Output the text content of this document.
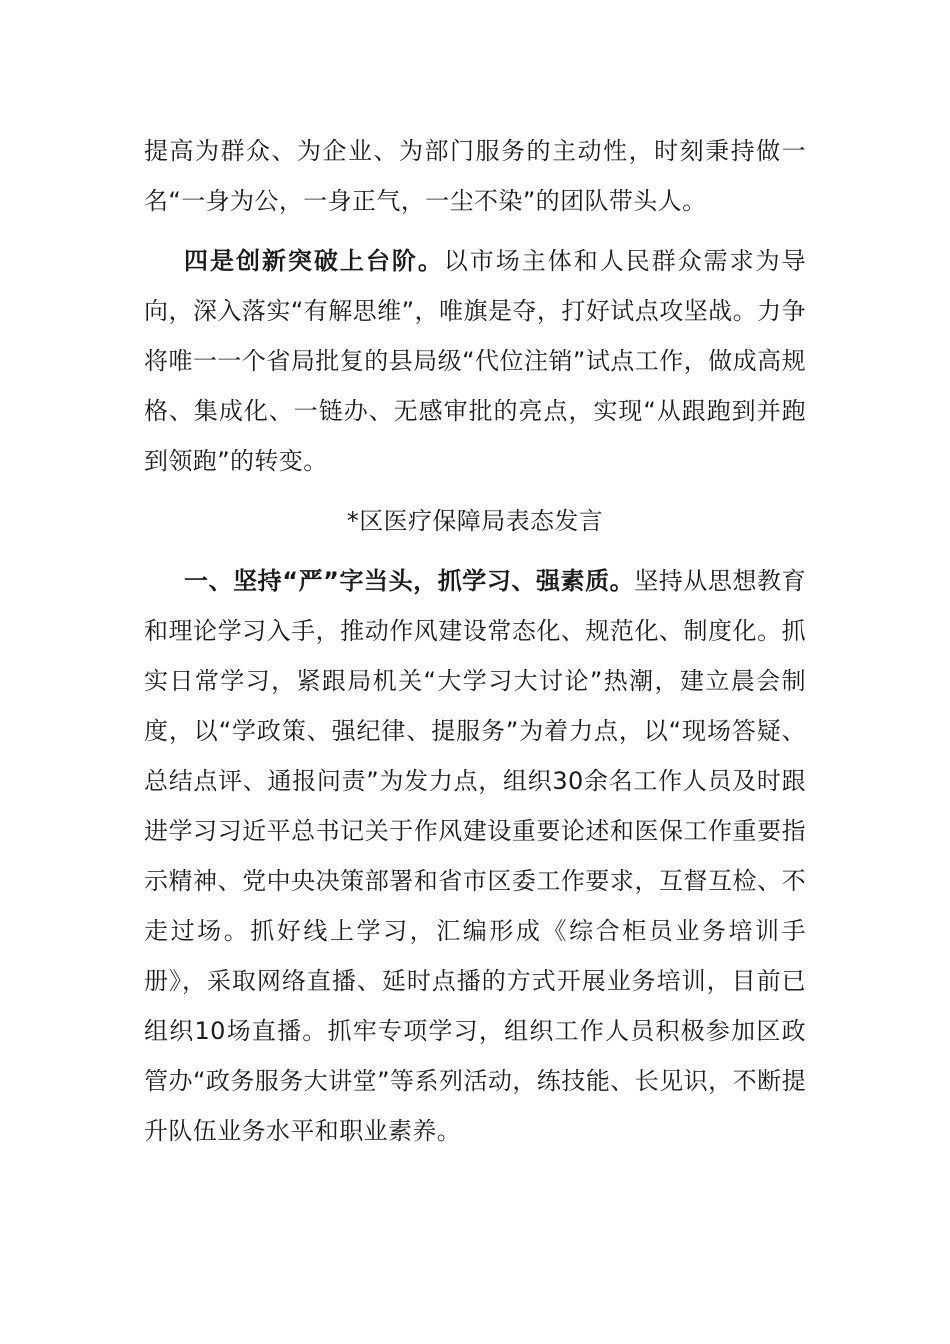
提高为群众、为企业、为部门服务的主动性，时刻秉持做一名“一身为公，一身正气，一尘不染”的团队带头人。

四是创新突破上台阶。以市场主体和人民群众需求为导向，深入落实“有解思维”，唯旗是夺，打好试点攻坚战。力争将唯一一个省局批复的县局级“代位注销”试点工作，做成高规格、集成化、一链办、无感审批的亮点，实现“从跟跑到并跑到领跑”的转变。

*区医疗保障局表态发言

一、坚持“严”字当头，抓学习、强素质。坚持从思想教育和理论学习入手，推动作风建设常态化、规范化、制度化。抓实日常学习，紧跟局机关“大学习大讨论”热潮，建立晨会制度，以“学政策、强纪律、提服务”为着力点，以“现场答疑、总结点评、通报问责”为发力点，组织30余名工作人员及时跟进学习习近平总书记关于作风建设重要论述和医保工作重要指示精神、党中央决策部署和省市区委工作要求，互督互检、不走过场。抓好线上学习，汇编形成《综合柜员业务培训手册》，采取网络直播、延时点播的方式开展业务培训，目前已组织10场直播。抓牢专项学习，组织工作人员积极参加区政管办“政务服务大讲堂”等系列活动，练技能、长见识，不断提升队伍业务水平和职业素养。
